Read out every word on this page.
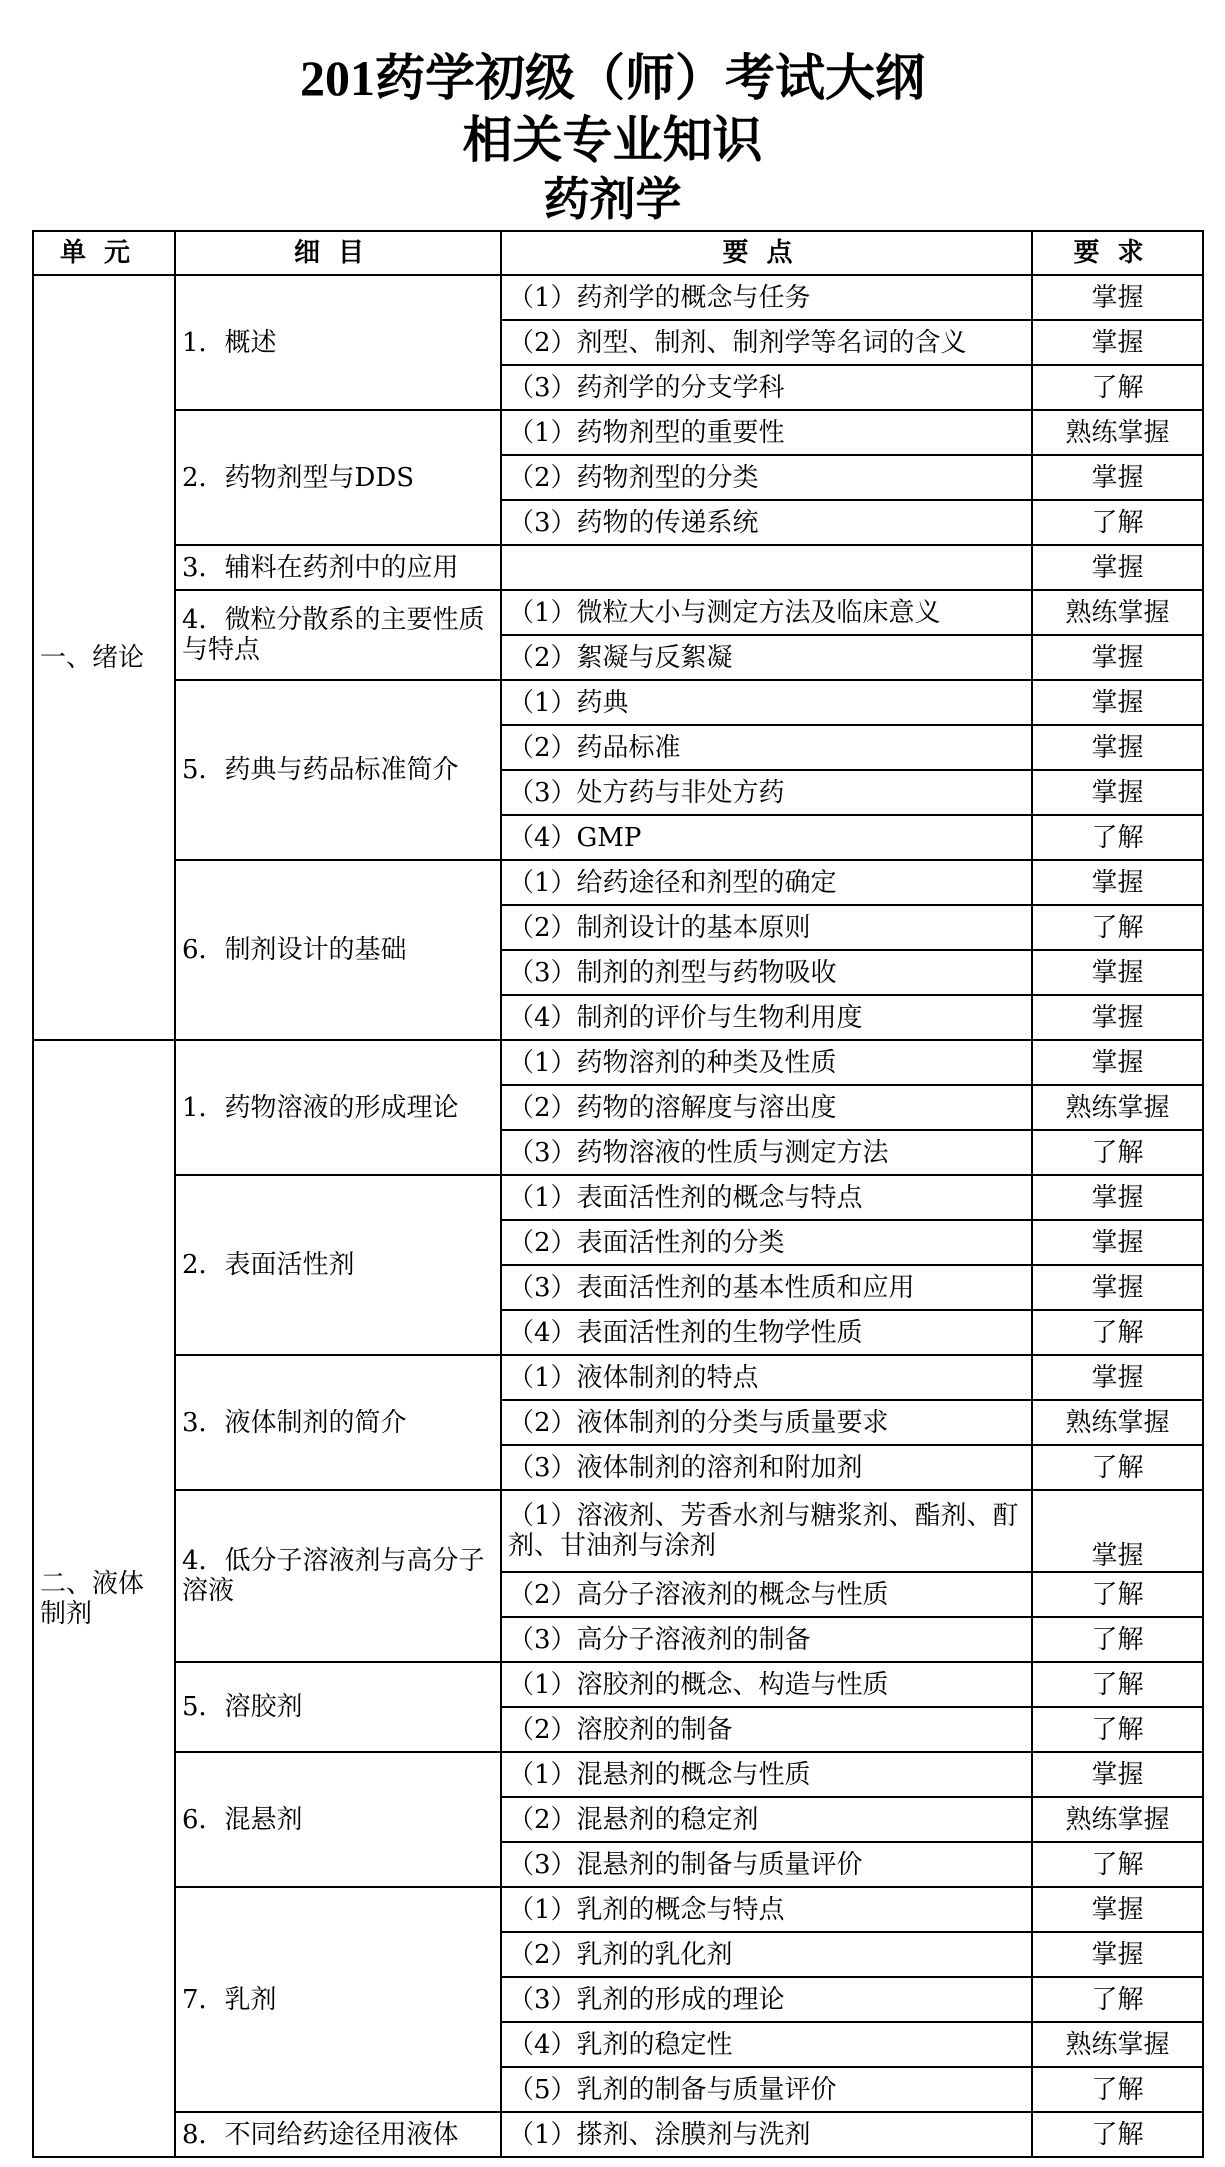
201药学初级（师）考试大纲
相关专业知识
药剂学
单元	细目	要点	要求
一、绪论	1．概述	（1）药剂学的概念与任务	掌握
		（2）剂型、制剂、制剂学等名词的含义	掌握
		（3）药剂学的分支学科	了解
	2．药物剂型与DDS	（1）药物剂型的重要性	熟练掌握
		（2）药物剂型的分类	掌握
		（3）药物的传递系统	了解
	3．辅料在药剂中的应用		掌握
	4．微粒分散系的主要性质与特点	（1）微粒大小与测定方法及临床意义	熟练掌握
		（2）絮凝与反絮凝	掌握
	5．药典与药品标准简介	（1）药典	掌握
		（2）药品标准	掌握
		（3）处方药与非处方药	掌握
		（4）GMP	了解
	6．制剂设计的基础	（1）给药途径和剂型的确定	掌握
		（2）制剂设计的基本原则	了解
		（3）制剂的剂型与药物吸收	掌握
		（4）制剂的评价与生物利用度	掌握
二、液体制剂	1．药物溶液的形成理论	（1）药物溶剂的种类及性质	掌握
		（2）药物的溶解度与溶出度	熟练掌握
		（3）药物溶液的性质与测定方法	了解
	2．表面活性剂	（1）表面活性剂的概念与特点	掌握
		（2）表面活性剂的分类	掌握
		（3）表面活性剂的基本性质和应用	掌握
		（4）表面活性剂的生物学性质	了解
	3．液体制剂的简介	（1）液体制剂的特点	掌握
		（2）液体制剂的分类与质量要求	熟练掌握
		（3）液体制剂的溶剂和附加剂	了解
	4．低分子溶液剂与高分子溶液	（1）溶液剂、芳香水剂与糖浆剂、酯剂、酊剂、甘油剂与涂剂	掌握
		（2）高分子溶液剂的概念与性质	了解
		（3）高分子溶液剂的制备	了解
	5．溶胶剂	（1）溶胶剂的概念、构造与性质	了解
		（2）溶胶剂的制备	了解
	6．混悬剂	（1）混悬剂的概念与性质	掌握
		（2）混悬剂的稳定剂	熟练掌握
		（3）混悬剂的制备与质量评价	了解
	7．乳剂	（1）乳剂的概念与特点	掌握
		（2）乳剂的乳化剂	掌握
		（3）乳剂的形成的理论	了解
		（4）乳剂的稳定性	熟练掌握
		（5）乳剂的制备与质量评价	了解
	8．不同给药途径用液体	（1）搽剂、涂膜剂与洗剂	了解
